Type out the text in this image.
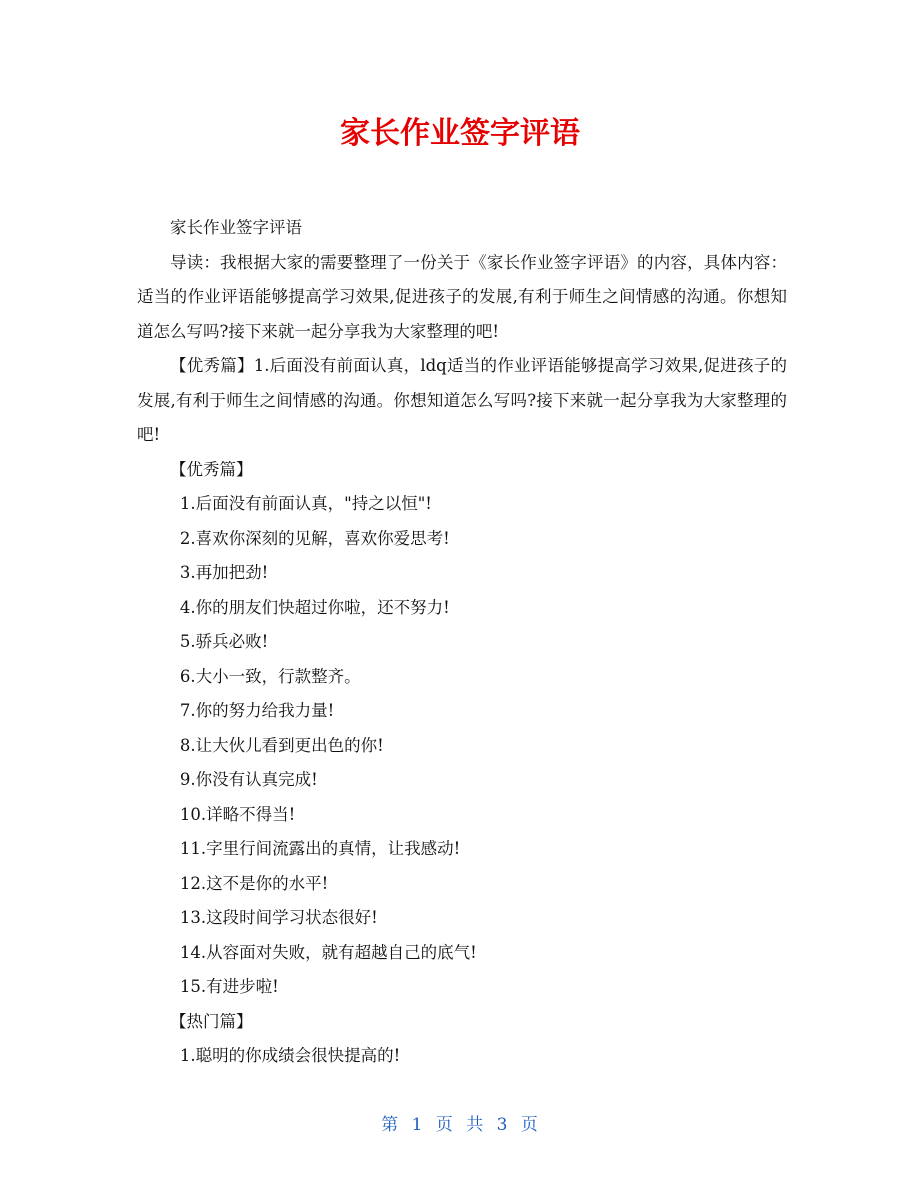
家长作业签字评语

家长作业签字评语

导读：我根据大家的需要整理了一份关于《家长作业签字评语》的内容，具体内容：适当的作业评语能够提高学习效果,促进孩子的发展,有利于师生之间情感的沟通。你想知道怎么写吗?接下来就一起分享我为大家整理的吧!

【优秀篇】1.后面没有前面认真，ldq适当的作业评语能够提高学习效果,促进孩子的发展,有利于师生之间情感的沟通。你想知道怎么写吗?接下来就一起分享我为大家整理的吧!

【优秀篇】

1.后面没有前面认真，"持之以恒"!

2.喜欢你深刻的见解，喜欢你爱思考!

3.再加把劲!

4.你的朋友们快超过你啦，还不努力!

5.骄兵必败!

6.大小一致，行款整齐。

7.你的努力给我力量!

8.让大伙儿看到更出色的你!

9.你没有认真完成!

10.详略不得当!

11.字里行间流露出的真情，让我感动!

12.这不是你的水平!

13.这段时间学习状态很好!

14.从容面对失败，就有超越自己的底气!

15.有进步啦!

【热门篇】

1.聪明的你成绩会很快提高的!

第 1 页 共 3 页
